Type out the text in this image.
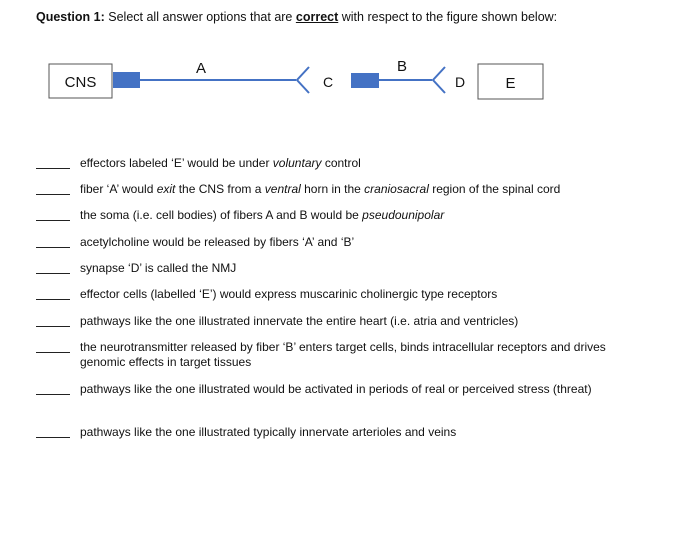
Question 1: Select all answer options that are correct with respect to the figure shown below:
CNS
A
C
B
D	E
effectors labeled ‘E’ would be under voluntary control
fiber ‘A’ would exit the CNS from a ventral horn in the craniosacral region of the spinal cord
the soma (i.e. cell bodies) of fibers A and B would be pseudounipolar
acetylcholine would be released by fibers ‘A’ and ‘B’
synapse ‘D’ is called the NMJ
effector cells (labelled ‘E’) would express muscarinic cholinergic type receptors
pathways like the one illustrated innervate the entire heart (i.e. atria and ventricles)
the neurotransmitter released by fiber ‘B’ enters target cells, binds intracellular receptors and drives genomic effects in target tissues
pathways like the one illustrated would be activated in periods of real or perceived stress (threat)
pathways like the one illustrated typically innervate arterioles and veins
